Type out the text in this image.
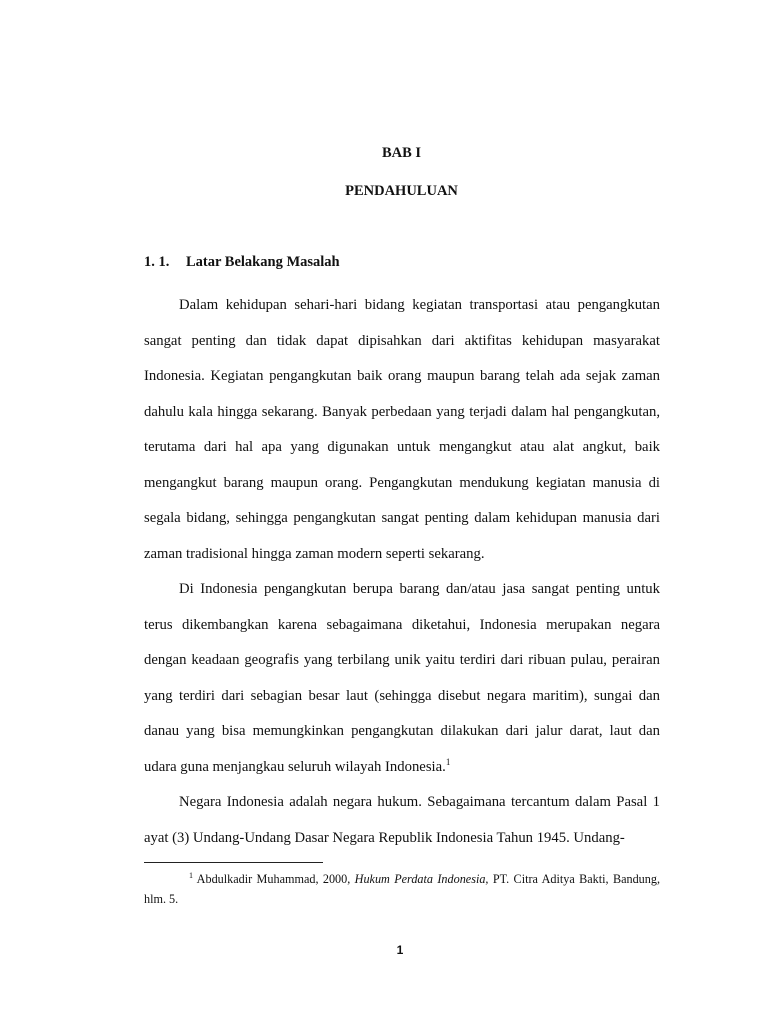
BAB I
PENDAHULUAN
1. 1. Latar Belakang Masalah

Dalam kehidupan sehari-hari bidang kegiatan transportasi atau pengangkutan sangat penting dan tidak dapat dipisahkan dari aktifitas kehidupan masyarakat Indonesia. Kegiatan pengangkutan baik orang maupun barang telah ada sejak zaman dahulu kala hingga sekarang. Banyak perbedaan yang terjadi dalam hal pengangkutan, terutama dari hal apa yang digunakan untuk mengangkut atau alat angkut, baik mengangkut barang maupun orang. Pengangkutan mendukung kegiatan manusia di segala bidang, sehingga pengangkutan sangat penting dalam kehidupan manusia dari zaman tradisional hingga zaman modern seperti sekarang.

Di Indonesia pengangkutan berupa barang dan/atau jasa sangat penting untuk terus dikembangkan karena sebagaimana diketahui, Indonesia merupakan negara dengan keadaan geografis yang terbilang unik yaitu terdiri dari ribuan pulau, perairan yang terdiri dari sebagian besar laut (sehingga disebut negara maritim), sungai dan danau yang bisa memungkinkan pengangkutan dilakukan dari jalur darat, laut dan udara guna menjangkau seluruh wilayah Indonesia.$^1$

Negara Indonesia adalah negara hukum. Sebagaimana tercantum dalam Pasal 1 ayat (3) Undang-Undang Dasar Negara Republik Indonesia Tahun 1945. Undang-

$^1$ Abdulkadir Muhammad, 2000, Hukum Perdata Indonesia, PT. Citra Aditya Bakti, Bandung, hlm. 5.
1
